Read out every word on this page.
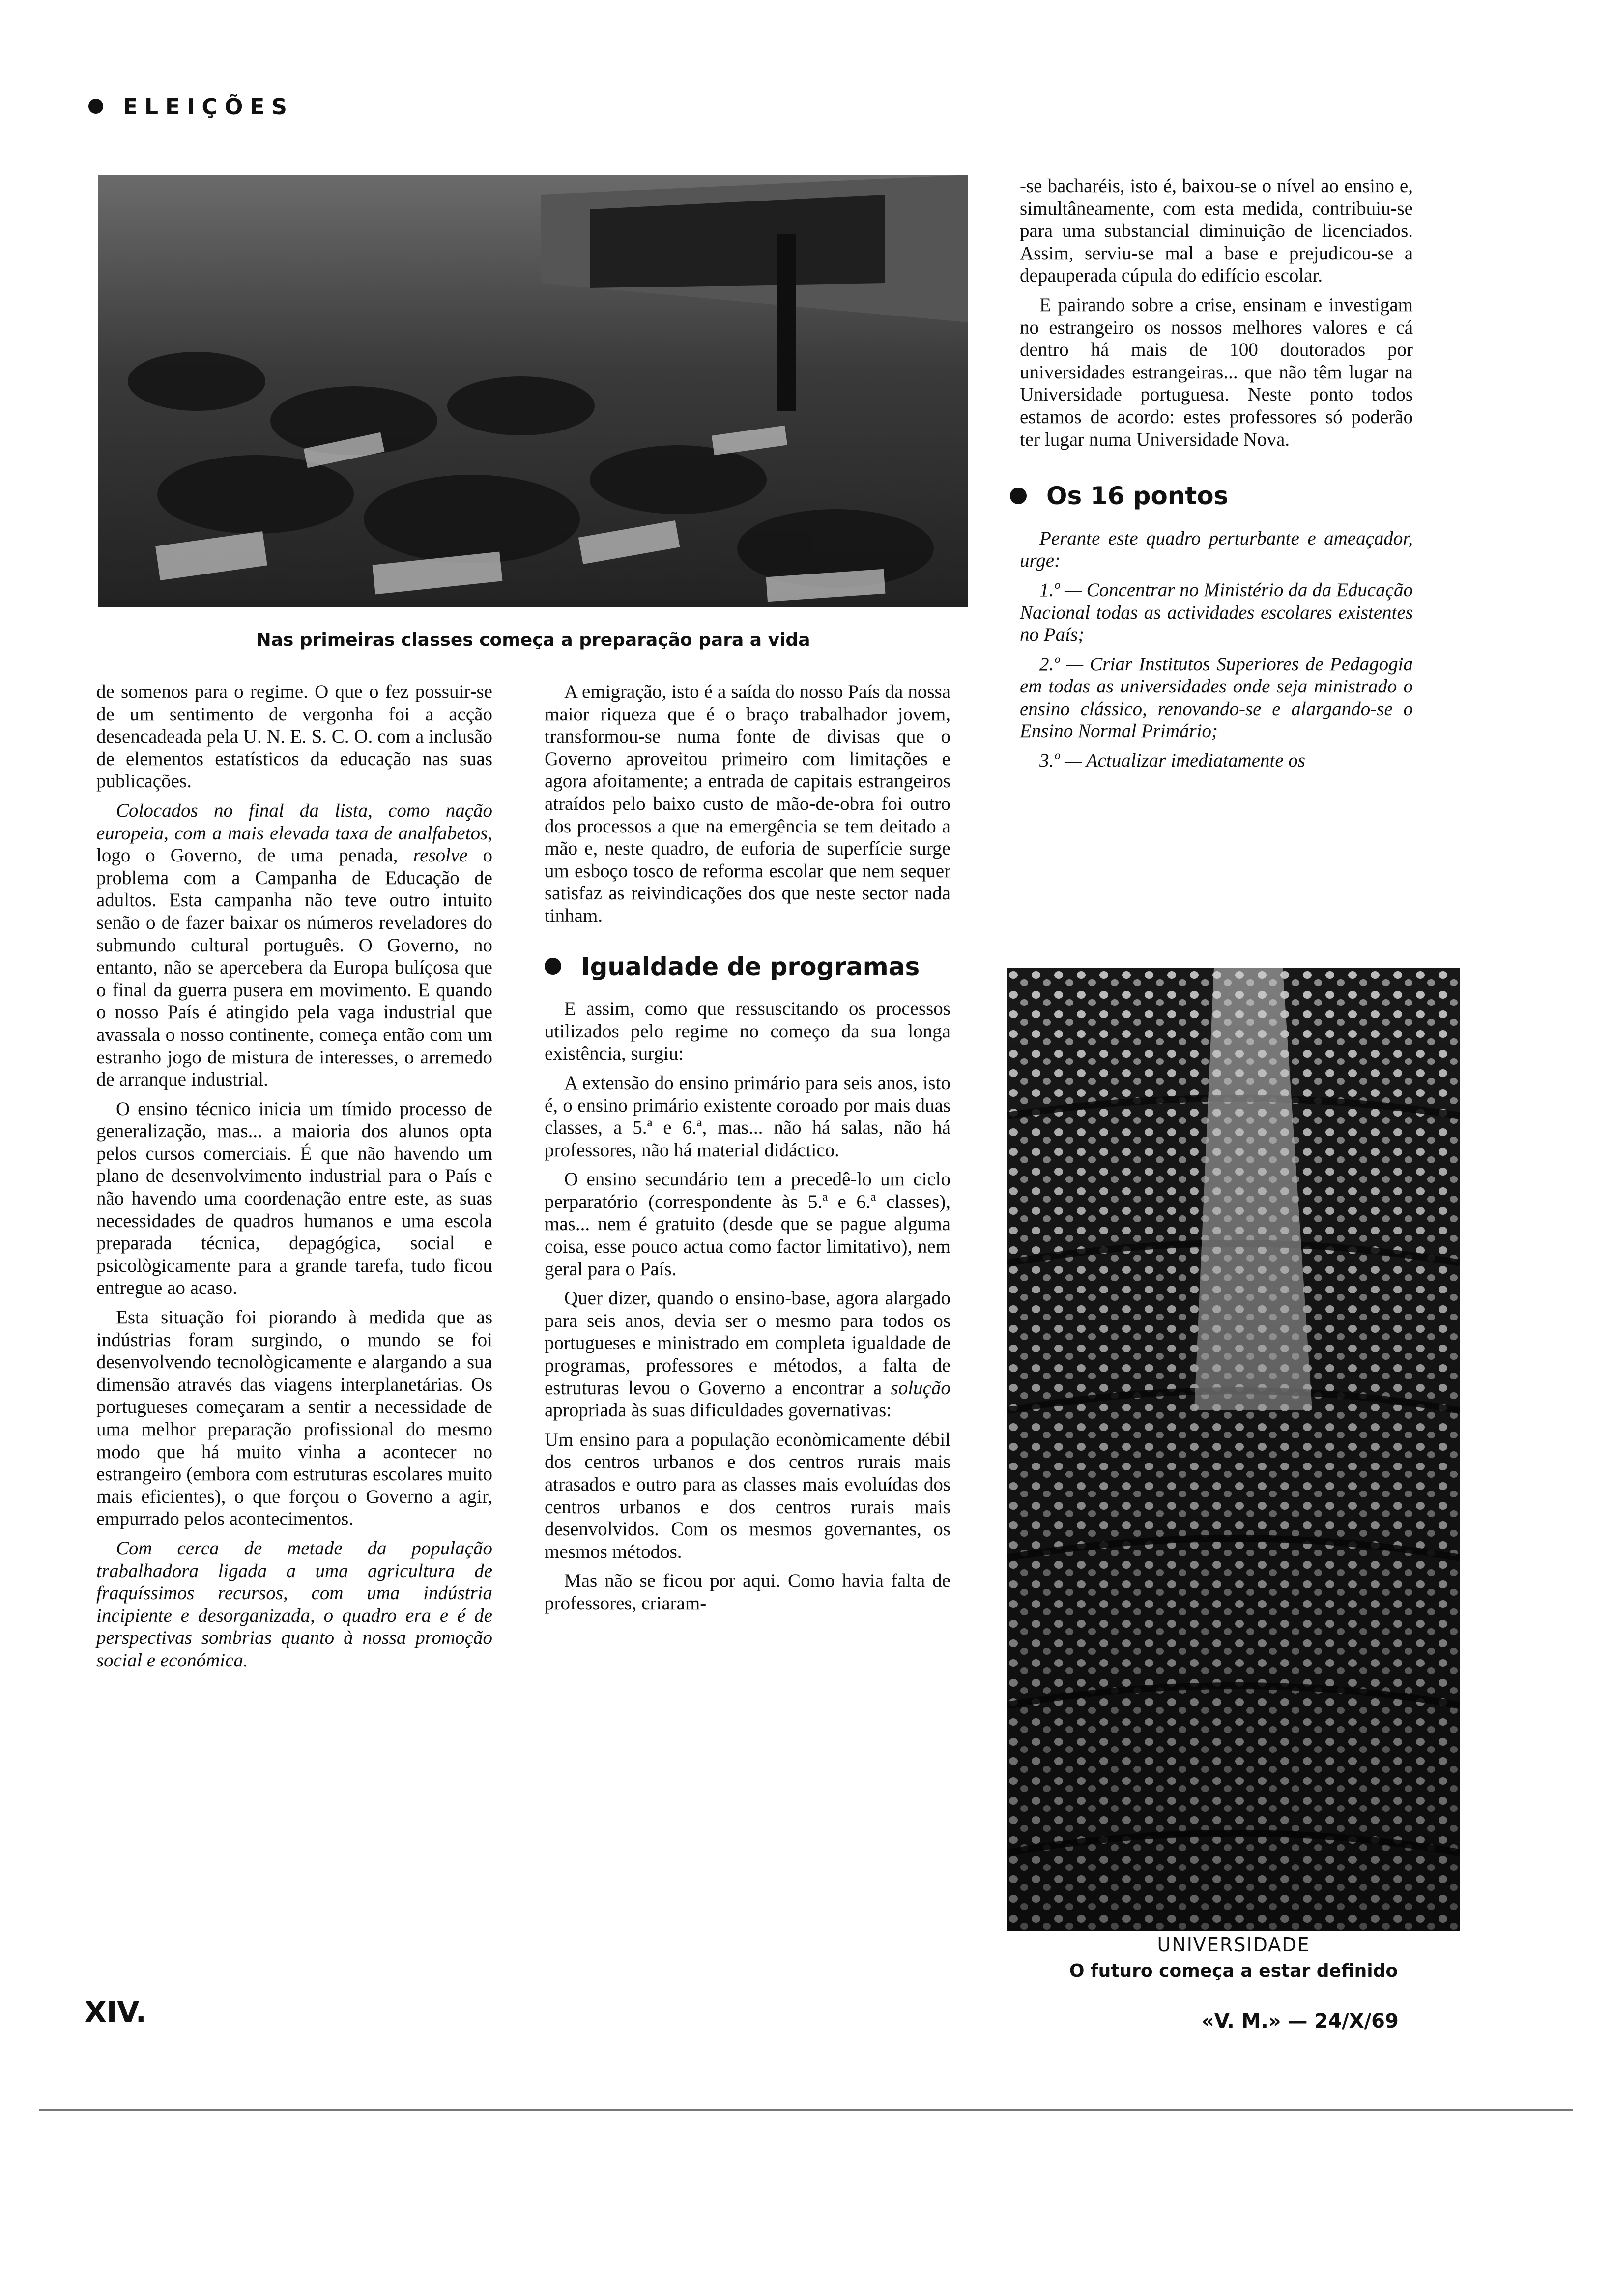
ELEIÇÕES
Nas primeiras classes começa a preparação para a vida

de somenos para o regime. O que o fez possuir-se de um sentimento de vergonha foi a acção desencadeada pela U. N. E. S. C. O. com a inclusão de elementos estatísticos da educação nas suas publicações.

Colocados no final da lista, como nação europeia, com a mais elevada taxa de analfabetos, logo o Governo, de uma penada, resolve o problema com a Campanha de Educação de adultos. Esta campanha não teve outro intuito senão o de fazer baixar os números reveladores do submundo cultural português. O Governo, no entanto, não se apercebera da Europa bulíçosa que o final da guerra pusera em movimento. E quando o nosso País é atingido pela vaga industrial que avassala o nosso continente, começa então com um estranho jogo de mistura de interesses, o arremedo de arranque industrial.

O ensino técnico inicia um tímido processo de generalização, mas... a maioria dos alunos opta pelos cursos comerciais. É que não havendo um plano de desenvolvimento industrial para o País e não havendo uma coordenação entre este, as suas necessidades de quadros humanos e uma escola preparada técnica, depagógica, social e psicològicamente para a grande tarefa, tudo ficou entregue ao acaso.

Esta situação foi piorando à medida que as indústrias foram surgindo, o mundo se foi desenvolvendo tecnològicamente e alargando a sua dimensão através das viagens interplanetárias. Os portugueses começaram a sentir a necessidade de uma melhor preparação profissional do mesmo modo que há muito vinha a acontecer no estrangeiro (embora com estruturas escolares muito mais eficientes), o que forçou o Governo a agir, empurrado pelos acontecimentos.

Com cerca de metade da população trabalhadora ligada a uma agricultura de fraquíssimos recursos, com uma indústria incipiente e desorganizada, o quadro era e é de perspectivas sombrias quanto à nossa promoção social e económica.

A emigração, isto é a saída do nosso País da nossa maior riqueza que é o braço trabalhador jovem, transformou-se numa fonte de divisas que o Governo aproveitou primeiro com limitações e agora afoitamente; a entrada de capitais estrangeiros atraídos pelo baixo custo de mão-de-obra foi outro dos processos a que na emergência se tem deitado a mão e, neste quadro, de euforia de superfície surge um esboço tosco de reforma escolar que nem sequer satisfaz as reivindicações dos que neste sector nada tinham.

Igualdade de programas

E assim, como que ressuscitando os processos utilizados pelo regime no começo da sua longa existência, surgiu:

A extensão do ensino primário para seis anos, isto é, o ensino primário existente coroado por mais duas classes, a 5.ª e 6.ª, mas... não há salas, não há professores, não há material didáctico.

O ensino secundário tem a precedê-lo um ciclo perparatório (correspondente às 5.ª e 6.ª classes), mas... nem é gratuito (desde que se pague alguma coisa, esse pouco actua como factor limitativo), nem geral para o País.

Quer dizer, quando o ensino-base, agora alargado para seis anos, devia ser o mesmo para todos os portugueses e ministrado em completa igualdade de programas, professores e métodos, a falta de estruturas levou o Governo a encontrar a solução apropriada às suas dificuldades governativas:

Um ensino para a população econòmicamente débil dos centros urbanos e dos centros rurais mais atrasados e outro para as classes mais evoluídas dos centros urbanos e dos centros rurais mais desenvolvidos. Com os mesmos governantes, os mesmos métodos.

Mas não se ficou por aqui. Como havia falta de professores, criaram-

-se bacharéis, isto é, baixou-se o nível ao ensino e, simultâneamente, com esta medida, contribuiu-se para uma substancial diminuição de licenciados. Assim, serviu-se mal a base e prejudicou-se a depauperada cúpula do edifício escolar.

E pairando sobre a crise, ensinam e investigam no estrangeiro os nossos melhores valores e cá dentro há mais de 100 doutorados por universidades estrangeiras... que não têm lugar na Universidade portuguesa. Neste ponto todos estamos de acordo: estes professores só poderão ter lugar numa Universidade Nova.

Os 16 pontos

Perante este quadro perturbante e ameaçador, urge:

1.º — Concentrar no Ministério da da Educação Nacional todas as actividades escolares existentes no País;

2.º — Criar Institutos Superiores de Pedagogia em todas as universidades onde seja ministrado o ensino clássico, renovando-se e alargando-se o Ensino Normal Primário;

3.º — Actualizar imediatamente os

UNIVERSIDADE
O futuro começa a estar definido
XIV.	«V. M.» — 24/X/69
